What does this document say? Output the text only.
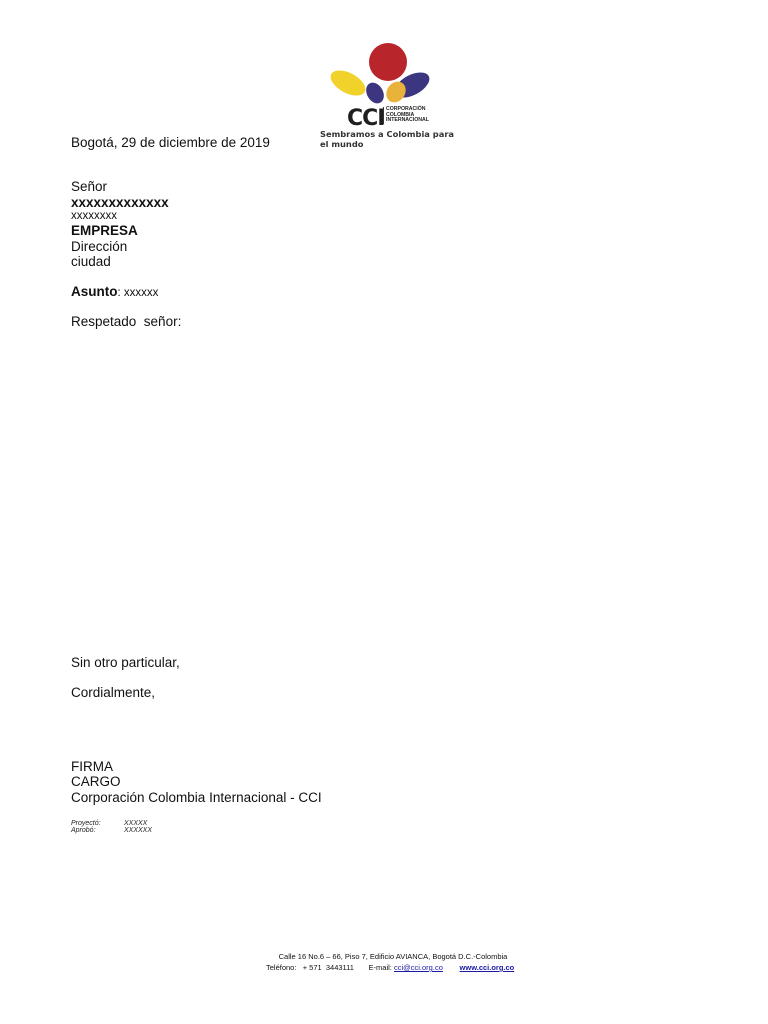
CCI CORPORACIÓN
COLOMBIA
INTERNACIONAL
Sembramos a Colombia para el mundo
Bogotá, 29 de diciembre de 2019
Señor
xxxxxxxxxxxxx
xxxxxxxx
EMPRESA
Dirección
ciudad
Asunto: xxxxxx
Respetado  señor:
Sin otro particular,
Cordialmente,
FIRMA
CARGO
Corporación Colombia Internacional - CCI
Proyectó:	XXXXX
Aprobó:	XXXXXX
Calle 16 No.6 – 66, Piso 7, Edificio AVIANCA, Bogotá D.C.-Colombia
Teléfono: + 571  3443111 E-mail: cci@cci.org.co www.cci.org.co
